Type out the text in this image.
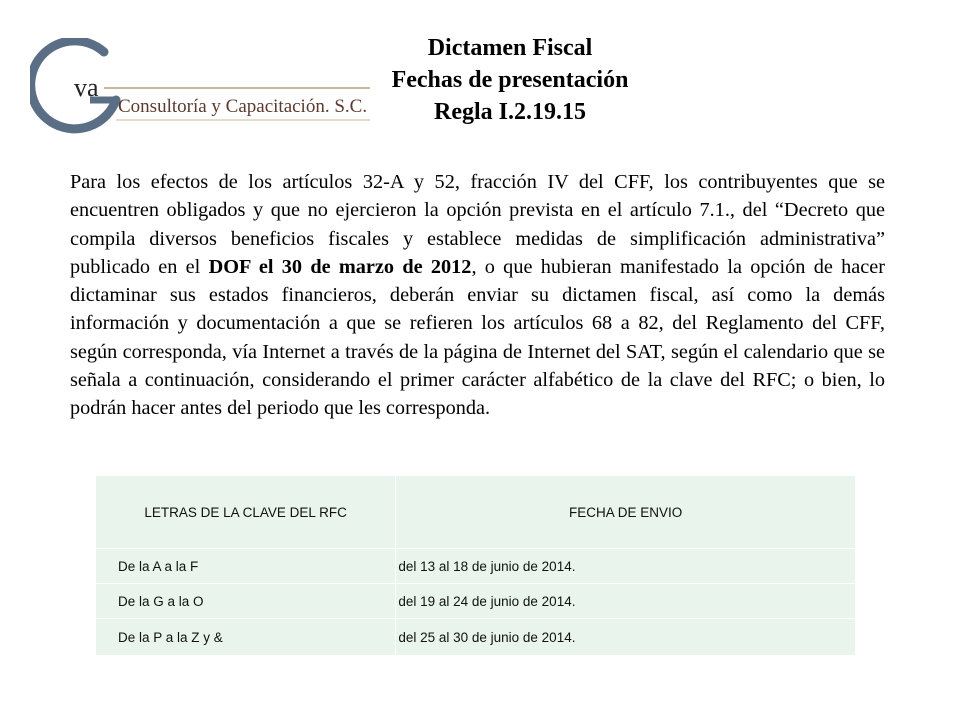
va
Consultoría y Capacitación. S.C.
Dictamen Fiscal
Fechas de presentación
Regla I.2.19.15
Para los efectos de los artículos 32-A y 52, fracción IV del CFF, los contribuyentes que se encuentren obligados y que no ejercieron la opción prevista en el artículo 7.1., del “Decreto que compila diversos beneficios fiscales y establece medidas de simplificación administrativa” publicado en el DOF el 30 de marzo de 2012, o que hubieran manifestado la opción de hacer dictaminar sus estados financieros, deberán enviar su dictamen fiscal, así como la demás información y documentación a que se refieren los artículos 68 a 82, del Reglamento del CFF, según corresponda, vía Internet a través de la página de Internet del SAT, según el calendario que se señala a continuación, considerando el primer carácter alfabético de la clave del RFC; o bien, lo podrán hacer antes del periodo que les corresponda.
LETRAS DE LA CLAVE DEL RFC	FECHA DE ENVIO
De la A a la F	del 13 al 18 de junio de 2014.
De la G a la O	del 19 al 24 de junio de 2014.
De la P a la Z y &	del 25 al 30 de junio de 2014.
